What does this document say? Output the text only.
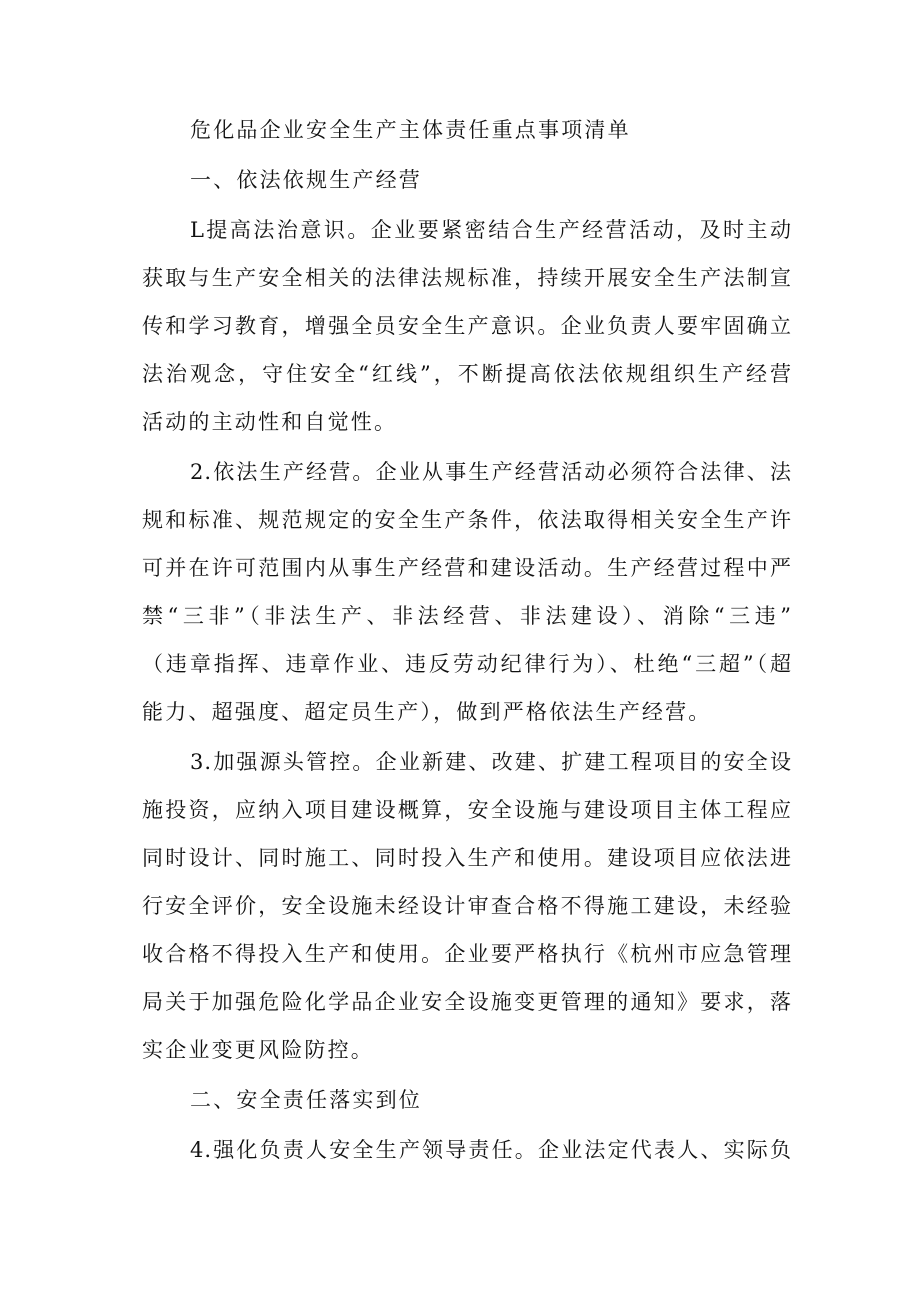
危化品企业安全生产主体责任重点事项清单
一、依法依规生产经营
L提高法治意识。企业要紧密结合生产经营活动，及时主动
获取与生产安全相关的法律法规标准，持续开展安全生产法制宣
传和学习教育，增强全员安全生产意识。企业负责人要牢固确立
法治观念，守住安全“红线”，不断提高依法依规组织生产经营
活动的主动性和自觉性。
2.依法生产经营。企业从事生产经营活动必须符合法律、法
规和标准、规范规定的安全生产条件，依法取得相关安全生产许
可并在许可范围内从事生产经营和建设活动。生产经营过程中严
禁“三非”（非法生产、非法经营、非法建设）、消除“三违”
（违章指挥、违章作业、违反劳动纪律行为）、杜绝“三超”（超
能力、超强度、超定员生产），做到严格依法生产经营。
3.加强源头管控。企业新建、改建、扩建工程项目的安全设
施投资，应纳入项目建设概算，安全设施与建设项目主体工程应
同时设计、同时施工、同时投入生产和使用。建设项目应依法进
行安全评价，安全设施未经设计审查合格不得施工建设，未经验
收合格不得投入生产和使用。企业要严格执行《杭州市应急管理
局关于加强危险化学品企业安全设施变更管理的通知》要求，落
实企业变更风险防控。
二、安全责任落实到位
4.强化负责人安全生产领导责任。企业法定代表人、实际负
